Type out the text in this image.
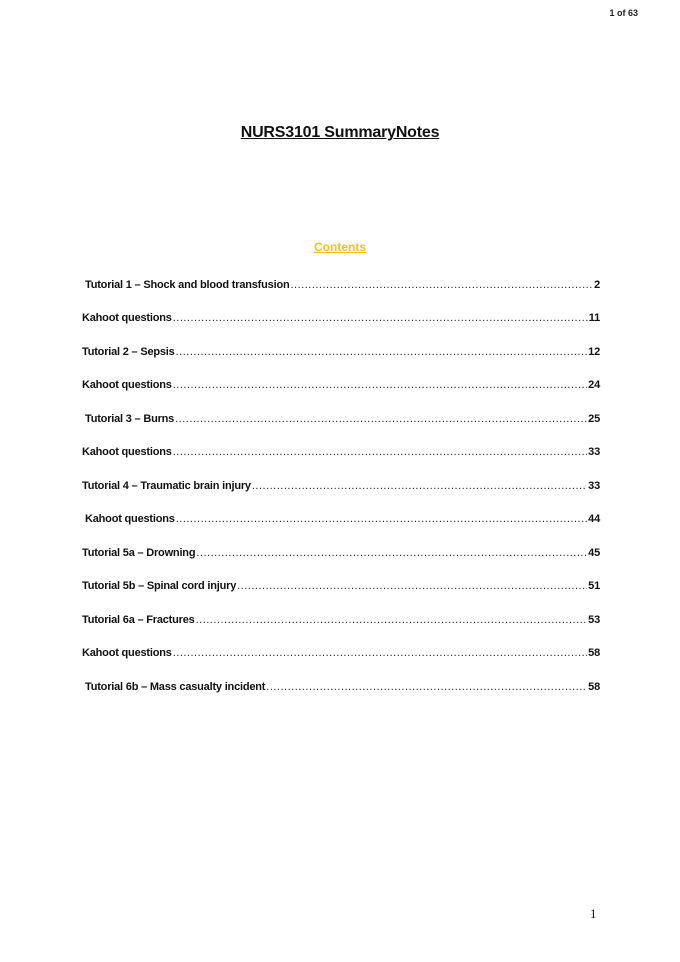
1 of 63
NURS3101 SummaryNotes
Contents
Tutorial 1 – Shock and blood transfusion .....	2
Kahoot questions .....	11
Tutorial 2 – Sepsis .....	12
Kahoot questions .....	24
Tutorial 3 – Burns .....	25
Kahoot questions .....	33
Tutorial 4 – Traumatic brain injury .....	33
Kahoot questions .....	44
Tutorial 5a – Drowning .....	45
Tutorial 5b – Spinal cord injury .....	51
Tutorial 6a – Fractures .....	53
Kahoot questions .....	58
Tutorial 6b – Mass casualty incident .....	58
1
